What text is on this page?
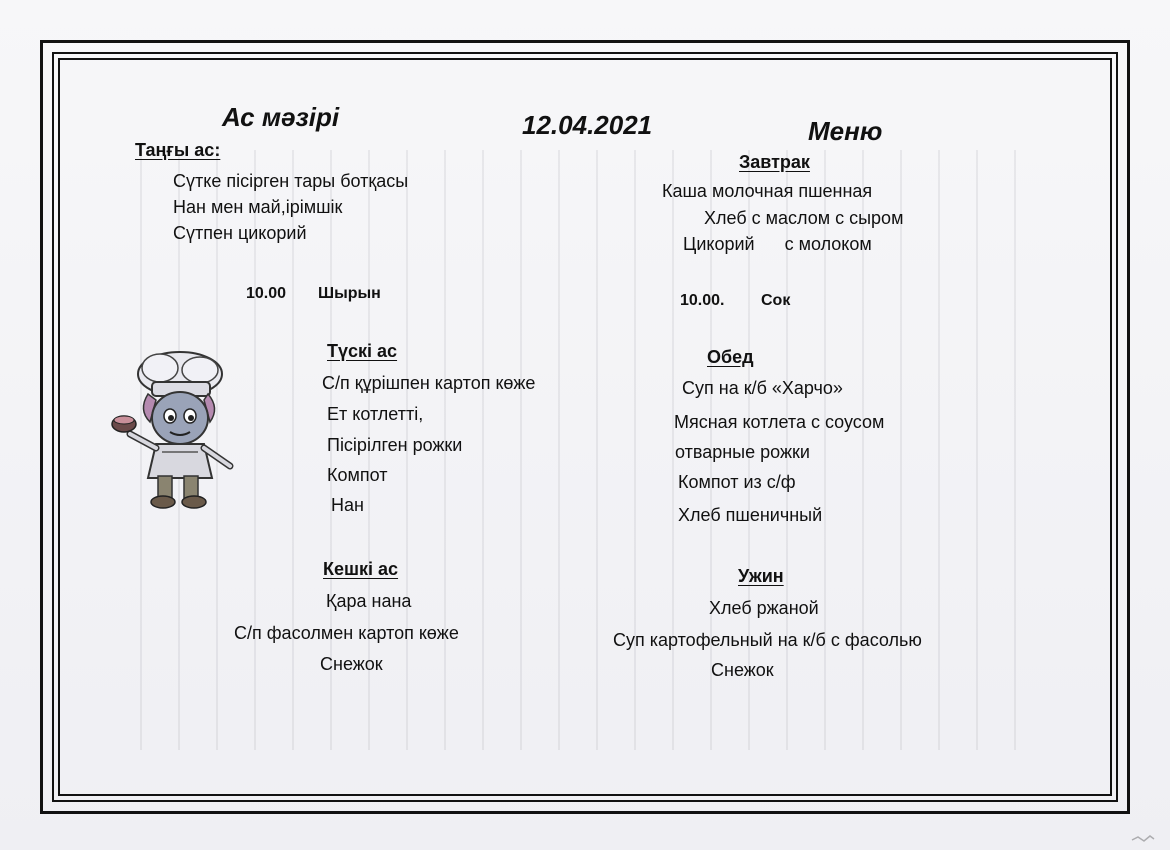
Ас мәзірі	12.04.2021	Меню
Таңғы ас:
Сүтке пісірген тары ботқасы
Нан мен май,ірімшік
Сүтпен цикорий
10.00 Шырын
Түскі ас
С/п құрішпен картоп көже
Ет котлетті,
Пісірілген рожки
Компот
Нан
Кешкі ас
Қара нана
С/п фасолмен картоп көже
Снежок
Завтрак
Каша молочная пшенная
Хлеб с маслом с сыром
Цикорий      с молоком
10.00. Сок
Обед
Суп на к/б «Харчо»
Мясная котлета с соусом
отварные рожки
Компот из с/ф
Хлеб пшеничный
Ужин
Хлеб ржаной
Суп картофельный на к/б с фасолью
Снежок
